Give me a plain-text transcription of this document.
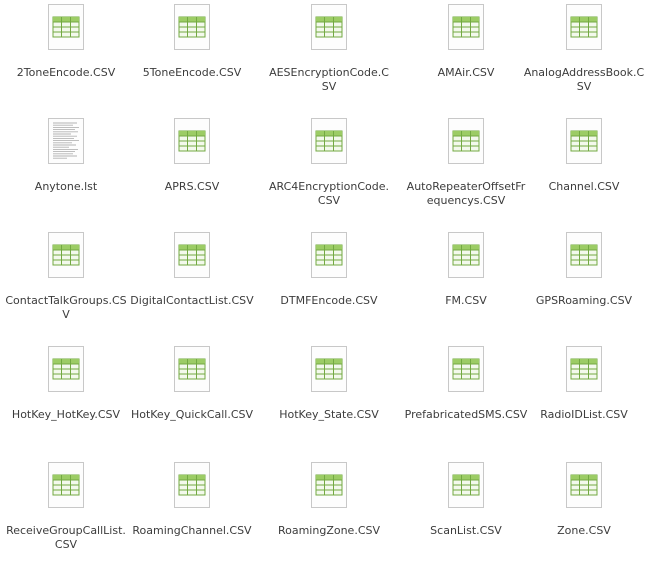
2ToneEncode.CSV	5ToneEncode.CSV	AESEncryptionCode.CSV
AMAir.CSV	AnalogAddressBook.CSV
Anytone.lst	APRS.CSV	ARC4EncryptionCode.CSV
AutoRepeaterOffsetFrequencys.CSV
Channel.CSV
ContactTalkGroups.CSV
DigitalContactList.CSV	DTMFEncode.CSV	FM.CSV	GPSRoaming.CSV
HotKey_HotKey.CSV HotKey_QuickCall.CSV	HotKey_State.CSV	PrefabricatedSMS.CSV	RadioIDList.CSV
ReceiveGroupCallList.CSV
RoamingChannel.CSV	RoamingZone.CSV	ScanList.CSV	Zone.CSV
